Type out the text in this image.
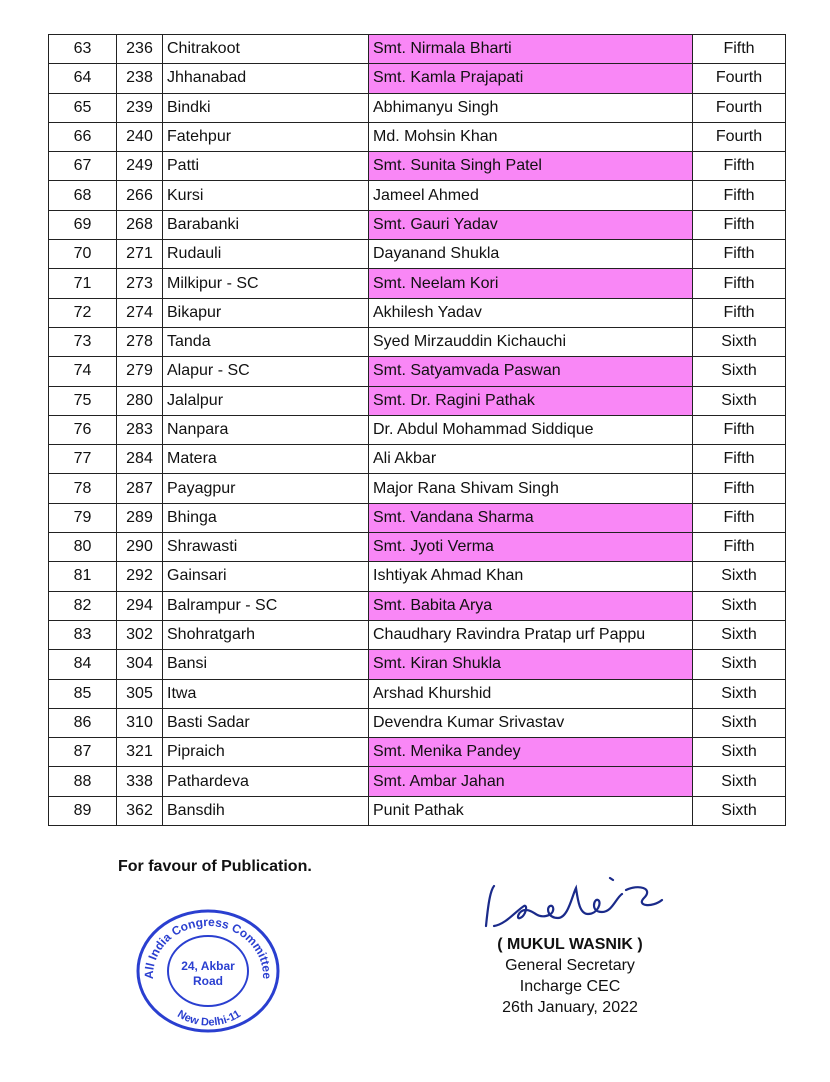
63	236	Chitrakoot	Smt. Nirmala Bharti	Fifth
64	238	Jhhanabad	Smt. Kamla Prajapati	Fourth
65	239	Bindki	Abhimanyu Singh	Fourth
66	240	Fatehpur	Md. Mohsin Khan	Fourth
67	249	Patti	Smt. Sunita Singh Patel	Fifth
68	266	Kursi	Jameel Ahmed	Fifth
69	268	Barabanki	Smt. Gauri Yadav	Fifth
70	271	Rudauli	Dayanand Shukla	Fifth
71	273	Milkipur - SC	Smt. Neelam Kori	Fifth
72	274	Bikapur	Akhilesh Yadav	Fifth
73	278	Tanda	Syed Mirzauddin Kichauchi	Sixth
74	279	Alapur - SC	Smt. Satyamvada Paswan	Sixth
75	280	Jalalpur	Smt. Dr. Ragini Pathak	Sixth
76	283	Nanpara	Dr. Abdul Mohammad Siddique	Fifth
77	284	Matera	Ali Akbar	Fifth
78	287	Payagpur	Major Rana Shivam Singh	Fifth
79	289	Bhinga	Smt. Vandana Sharma	Fifth
80	290	Shrawasti	Smt. Jyoti Verma	Fifth
81	292	Gainsari	Ishtiyak Ahmad Khan	Sixth
82	294	Balrampur - SC	Smt. Babita Arya	Sixth
83	302	Shohratgarh	Chaudhary Ravindra Pratap urf Pappu	Sixth
84	304	Bansi	Smt. Kiran Shukla	Sixth
85	305	Itwa	Arshad Khurshid	Sixth
86	310	Basti Sadar	Devendra Kumar Srivastav	Sixth
87	321	Pipraich	Smt. Menika Pandey	Sixth
88	338	Pathardeva	Smt. Ambar Jahan	Sixth
89	362	Bansdih	Punit Pathak	Sixth
For favour of Publication.
All India Congress Committee
New Delhi-11
24, Akbar
Road
( MUKUL WASNIK )
General Secretary
Incharge CEC
26th January, 2022
